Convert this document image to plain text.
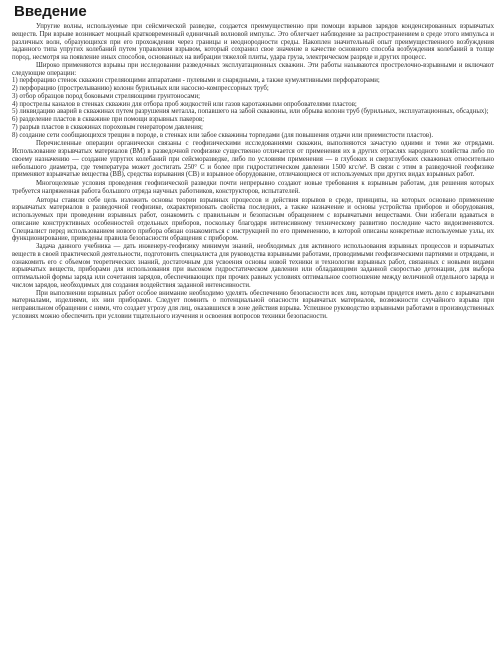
Введение

Упругие волны, используемые при сейсмической разведке, создается преимущественно при помощи взрывов зарядов конденсированных взрывчатых веществ. При взрыве возникает мощный кратковременный единичный волновой импульс. Это облегчает наблюдение за распространением в среде этого импульса и различных волн, образующихся при его прохождении через границы и неоднородности среды. Накоплен значительный опыт преимущественного возбуждения заданного типа упругих колебаний путем управления взрывом, который сохранил свое значение в качестве основного способа возбуждения колебаний в толще пород, несмотря на появление иных способов, основанных на вибрации тяжелой плиты, удара груза, электрическом разряде и других процесс.

Широко применяются взрывы при исследовании разведочных эксплуатационных скважин. Эти работы называются прострелочно-взрывными и включают следующие операции:

1) перфорацию стенок скважин стреляющими аппаратами - пулевыми и снарядными, а также кумулятивными перфораторами;

2) перфорацию (прострелыванию) колонн бурильных или насосно-компрессорных труб;

3) отбор образцов пород боковыми стреляющими грунтоносами;

4) прострелы каналов в стенках скважин для отбора проб жидкостей или газов каротажными опробователями пластов;

5) ликвидацию аварий в скважинах путем разрушения металла, попавшего на забой скважины, или обрыва колонн труб (бурильных, эксплуатационных, обсадных);

6) разделение пластов в скважине при помощи взрывных пакеров;

7) разрыв пластов в скважинах пороховым генератором давления;

8) создание сети сообщающихся трещин в породе, в стенках или забое скважины торпедами (для повышения отдачи или приемистости пластов).

Перечисленные операции органически связаны с геофизическими исследованиями скважин, выполняются зачастую одними и теми же отрядами. Использование взрывчатых материалов (ВМ) в разведочной геофизике существенно отличается от применения их в других отраслях народного хозяйства либо по своему назначению — создание упругих колебаний при сейсморазведке, либо по условиям применения — в глубоких и сверхглубоких скважинах относительно небольшого диаметра, где температура может достигать 250° С и более при гидростатическом давлении 1500 кгс/м². В связи с этим в разведочной геофизике применяют взрывчатые вещества (ВВ), средства взрывания (СВ) и взрывное оборудование, отличающиеся от используемых при других видах взрывных работ.

Многоцелевые условия проведения геофизической разведки почти непрерывно создают новые требования к взрывным работам, для решения которых требуется напряженная работа большого отряда научных работников, конструкторов, испытателей.

Авторы ставили себе цель изложить основы теории взрывных процессов и действия взрывов в среде, принципы, на которых основано применение взрывчатых материалов в разведочной геофизике, охарактеризовать свойства последних, а также назначение и основы устройства приборов и оборудования, используемых при проведении взрывных работ, ознакомить с правильным и безопасным обращением с взрывчатыми веществами. Они избегали вдаваться в описание конструктивных особенностей отдельных приборов, поскольку благодаря интенсивному техническому развитию последние часто видоизменяются. Специалист перед использованием нового прибора обязан ознакомиться с инструкцией по его применению, в которой описаны конкретные используемые узлы, их функционирование, приведены правила безопасности обращения с прибором.

Задача данного учебника — дать инженеру-геофизику минимум знаний, необходимых для активного использования взрывных процессов и взрывчатых веществ в своей практической деятельности, подготовить специалиста для руководства взрывными работами, проводимыми геофизическими партиями и отрядами, и ознакомить его с объемом теоретических знаний, достаточным для усвоения основы новой техники и технологии взрывных работ, связанных с новыми видами взрывчатых веществ, приборами для использования при высоком гидростатическом давлении или обладающими заданной скоростью детонации, для выбора оптимальной формы заряда или сочетания зарядов, обеспечивающих при прочих равных условиях оптимальное соотношение между величиной отдельного заряда и числом зарядов, необходимых для создания воздействия заданной интенсивности.

При выполнении взрывных работ особое внимание необходимо уделять обеспечению безопасности всех лиц, которым придется иметь дело с взрывчатыми материалами, изделиями, их нии приборами. Следует помнить о потенциальной опасности взрывчатых материалов, возможности случайного взрыва при неправильном обращении с ними, что создает угрозу для лиц, оказавшихся в зоне действия взрыва. Успешное руководство взрывными работами в производственных условиях можно обеспечить при условии тщательного изучения и освоения вопросов техники безопасности.
